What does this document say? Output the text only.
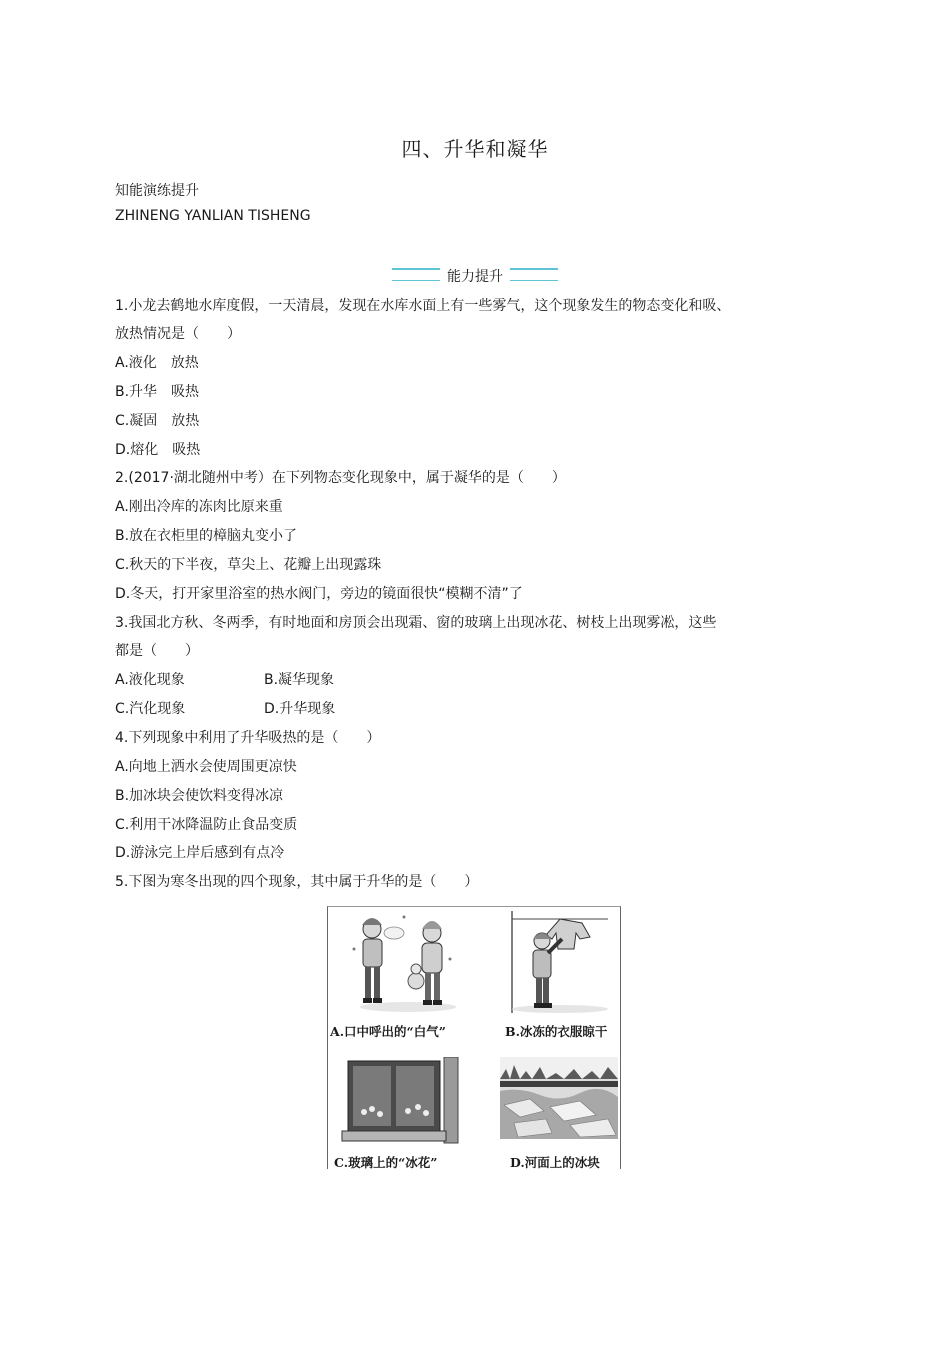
四、升华和凝华
知能演练提升
ZHINENG YANLIAN TISHENG
能力提升
1.小龙去鹤地水库度假，一天清晨，发现在水库水面上有一些雾气，这个现象发生的物态变化和吸、
放热情况是（　　）
A.液化　放热
B.升华　吸热
C.凝固　放热
D.熔化　吸热
2.(2017·湖北随州中考）在下列物态变化现象中，属于凝华的是（　　）
A.刚出冷库的冻肉比原来重
B.放在衣柜里的樟脑丸变小了
C.秋天的下半夜，草尖上、花瓣上出现露珠
D.冬天，打开家里浴室的热水阀门，旁边的镜面很快“模糊不清”了
3.我国北方秋、冬两季，有时地面和房顶会出现霜、窗的玻璃上出现冰花、树枝上出现雾凇，这些
都是（　　）
A.液化现象	B.凝华现象
C.汽化现象	D.升华现象
4.下列现象中利用了升华吸热的是（　　）
A.向地上洒水会使周围更凉快
B.加冰块会使饮料变得冰凉
C.利用干冰降温防止食品变质
D.游泳完上岸后感到有点冷
5.下图为寒冬出现的四个现象，其中属于升华的是（　　）
A.口中呼出的“白气”	B.冰冻的衣服晾干
C.玻璃上的“冰花”	D.河面上的冰块
